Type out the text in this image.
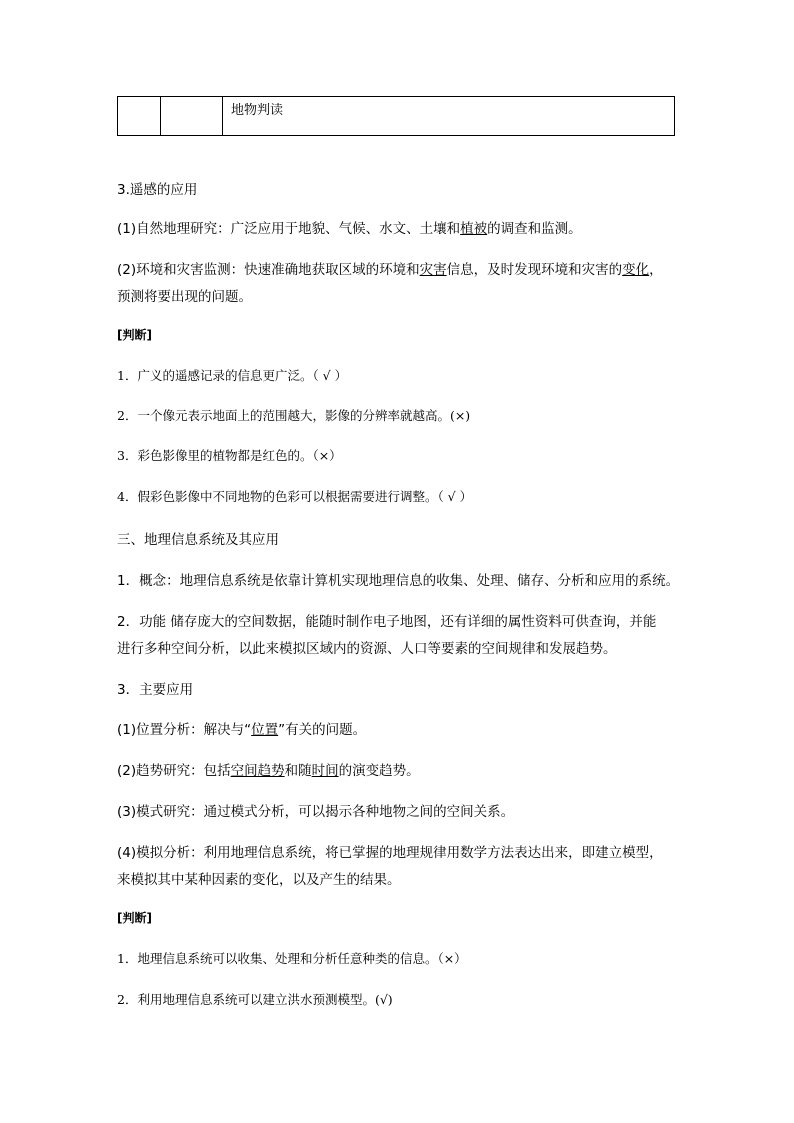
地物判读
3.遥感的应用
(1)自然地理研究：广泛应用于地貌、气候、水文、土壤和植被的调查和监测。
(2)环境和灾害监测：快速准确地获取区域的环境和灾害信息，及时发现环境和灾害的变化，
预测将要出现的问题。
[判断]
1．广义的遥感记录的信息更广泛。（ √ ）
2．一个像元表示地面上的范围越大，影像的分辨率就越高。(×)
3．彩色影像里的植物都是红色的。（×）
4．假彩色影像中不同地物的色彩可以根据需要进行调整。（ √ ）
三、地理信息系统及其应用
1．概念：地理信息系统是依靠计算机实现地理信息的收集、处理、储存、分析和应用的系统。
2．功能 储存庞大的空间数据，能随时制作电子地图，还有详细的属性资料可供查询，并能
进行多种空间分析，以此来模拟区域内的资源、人口等要素的空间规律和发展趋势。
3．主要应用
(1)位置分析：解决与“位置”有关的问题。
(2)趋势研究：包括空间趋势和随时间的演变趋势。
(3)模式研究：通过模式分析，可以揭示各种地物之间的空间关系。
(4)模拟分析：利用地理信息系统，将已掌握的地理规律用数学方法表达出来，即建立模型，
来模拟其中某种因素的变化，以及产生的结果。
[判断]
1．地理信息系统可以收集、处理和分析任意种类的信息。（×）
2．利用地理信息系统可以建立洪水预测模型。(√)
